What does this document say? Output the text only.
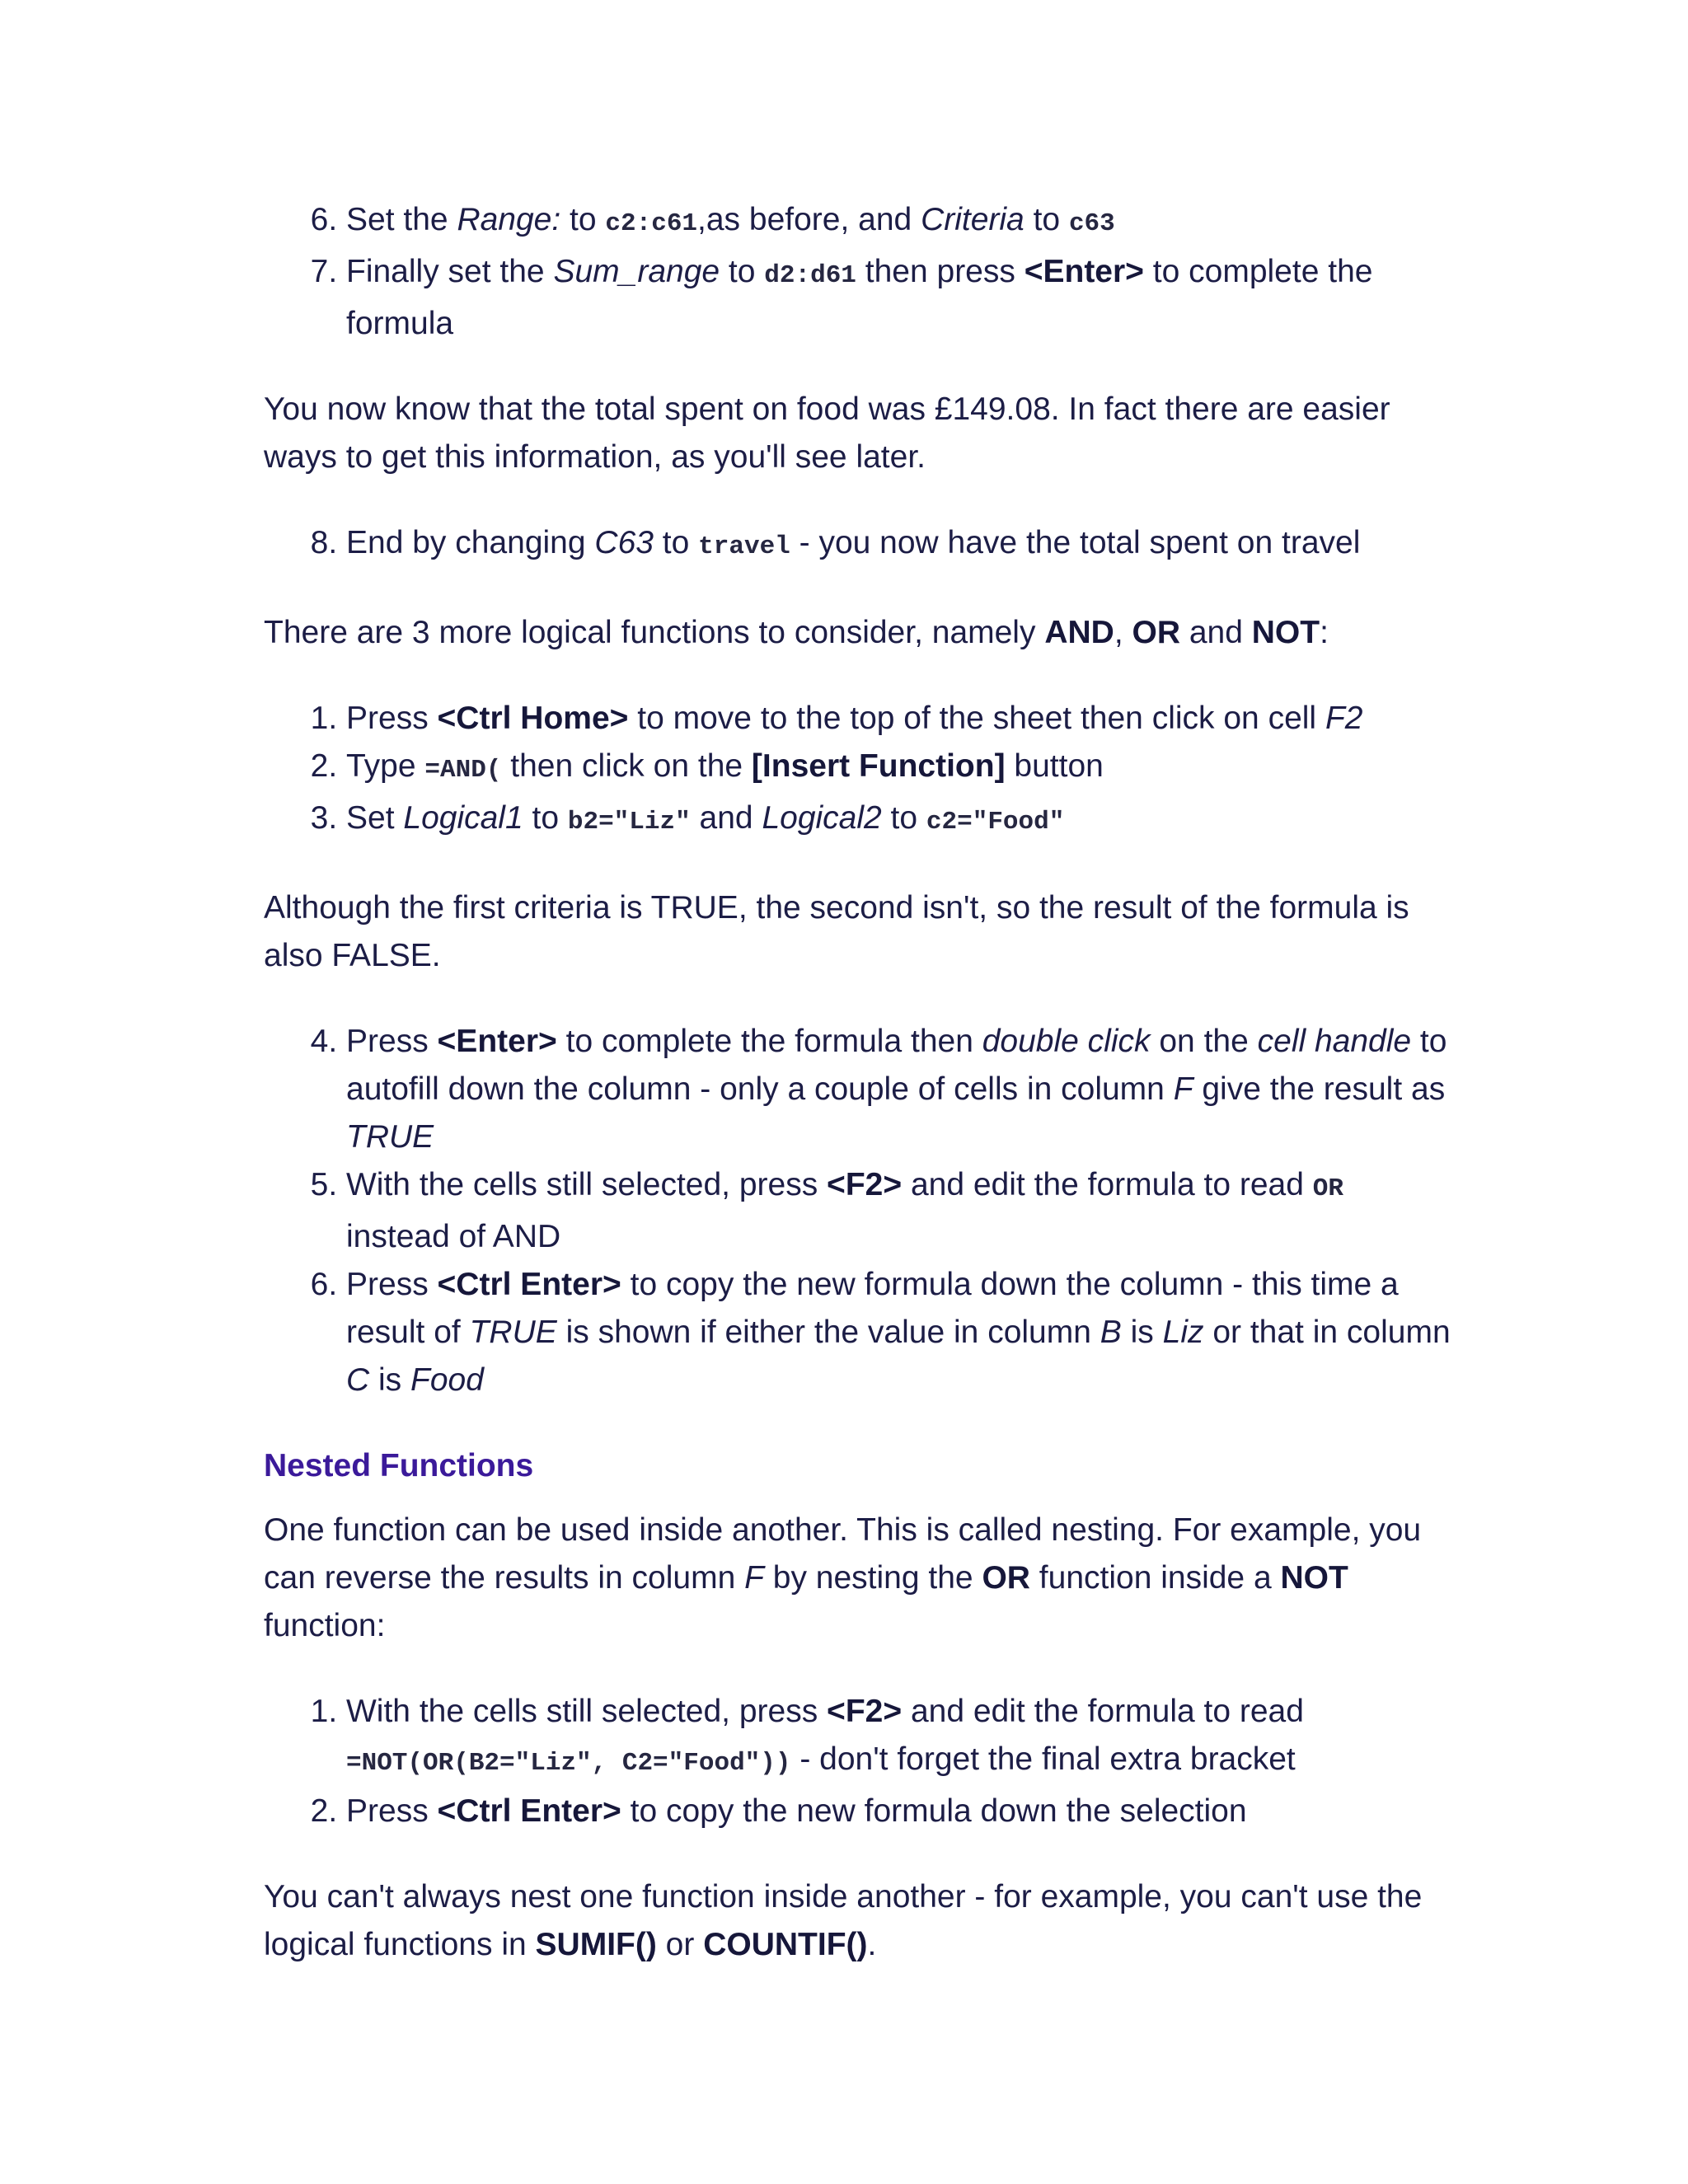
6. Set the Range: to c2:c61,as before, and Criteria to c63
7. Finally set the Sum_range to d2:d61 then press <Enter> to complete the formula

You now know that the total spent on food was £149.08. In fact there are easier ways to get this information, as you'll see later.

8. End by changing C63 to travel - you now have the total spent on travel

There are 3 more logical functions to consider, namely AND, OR and NOT:

1. Press <Ctrl Home> to move to the top of the sheet then click on cell F2
2. Type =AND( then click on the [Insert Function] button
3. Set Logical1 to b2="Liz" and Logical2 to c2="Food"

Although the first criteria is TRUE, the second isn't, so the result of the formula is also FALSE.

4. Press <Enter> to complete the formula then double click on the cell handle to autofill down the column - only a couple of cells in column F give the result as TRUE
5. With the cells still selected, press <F2> and edit the formula to read OR
instead of AND
6. Press <Ctrl Enter> to copy the new formula down the column - this time a result of TRUE is shown if either the value in column B is Liz or that in column C is Food
Nested Functions

One function can be used inside another. This is called nesting. For example, you can reverse the results in column F by nesting the OR function inside a NOT function:

1. With the cells still selected, press <F2> and edit the formula to read
=NOT(OR(B2="Liz", C2="Food")) - don't forget the final extra bracket
2. Press <Ctrl Enter> to copy the new formula down the selection

You can't always nest one function inside another - for example, you can't use the logical functions in SUMIF() or COUNTIF().
